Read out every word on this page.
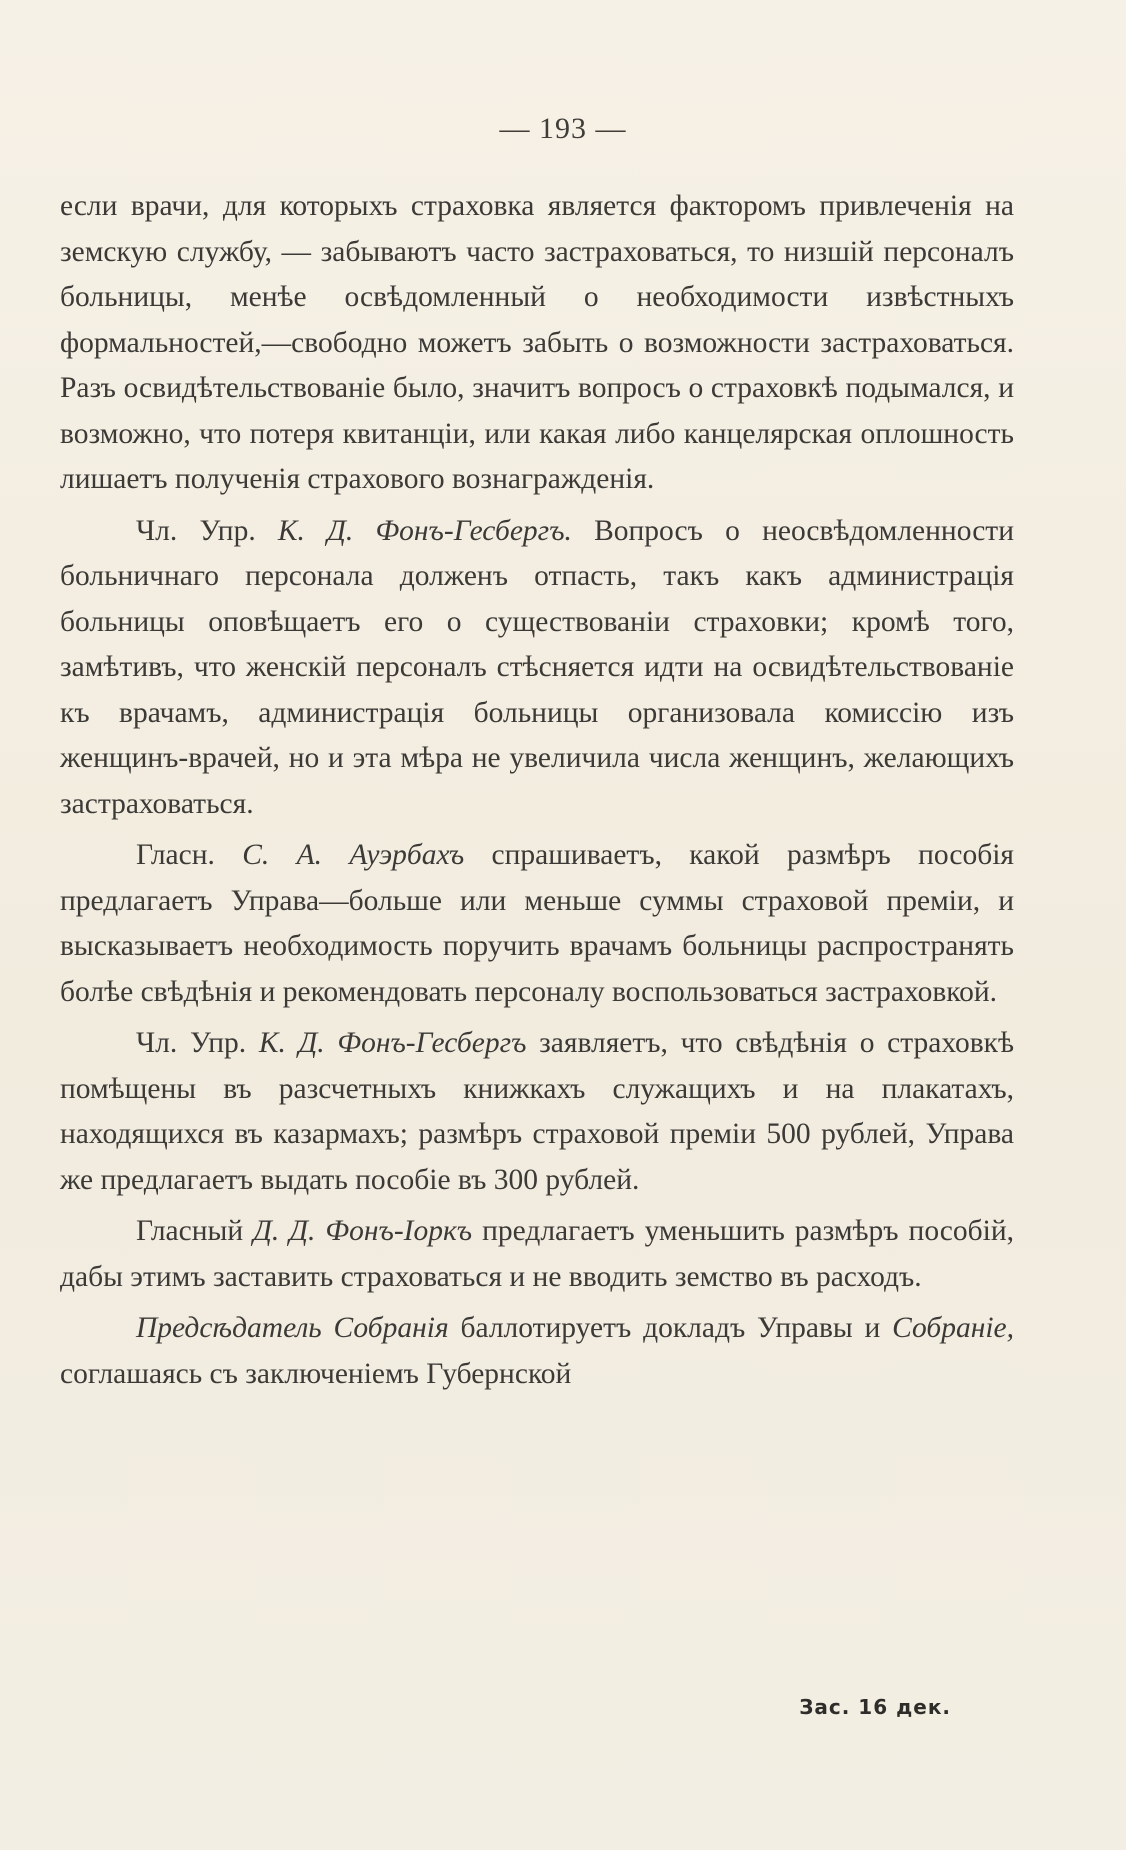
— 193 —

если врачи, для которыхъ страховка является факторомъ привлеченія на земскую службу, — забываютъ часто застраховаться, то низшій персоналъ больницы, менѣе освѣдомленный о необходимости извѣстныхъ формальностей,—свободно можетъ забыть о возможности застраховаться. Разъ освидѣтельствованіе было, значитъ вопросъ о страховкѣ подымался, и возможно, что потеря квитанціи, или какая либо канцелярская оплошность лишаетъ полученія страхового вознагражденія.

Чл. Упр. К. Д. Фонъ-Гесбергъ. Вопросъ о неосвѣдомленности больничнаго персонала долженъ отпасть, такъ какъ администрація больницы оповѣщаетъ его о существованіи страховки; кромѣ того, замѣтивъ, что женскій персоналъ стѣсняется идти на освидѣтельствованіе къ врачамъ, администрація больницы организовала комиссію изъ женщинъ-врачей, но и эта мѣра не увеличила числа женщинъ, желающихъ застраховаться.

Гласн. С. А. Ауэрбахъ спрашиваетъ, какой размѣръ пособія предлагаетъ Управа—больше или меньше суммы страховой преміи, и высказываетъ необходимость поручить врачамъ больницы распространять болѣе свѣдѣнія и рекомендовать персоналу воспользоваться застраховкой.

Чл. Упр. К. Д. Фонъ-Гесбергъ заявляетъ, что свѣдѣнія о страховкѣ помѣщены въ разсчетныхъ книжкахъ служащихъ и на плакатахъ, находящихся въ казармахъ; размѣръ страховой преміи 500 рублей, Управа же предлагаетъ выдать пособіе въ 300 рублей.

Гласный Д. Д. Фонъ-Іоркъ предлагаетъ уменьшить размѣръ пособій, дабы этимъ заставить страховаться и не вводить земство въ расходъ.

Предсѣдатель Собранія баллотируетъ докладъ Управы и Собраніе, соглашаясь съ заключеніемъ Губернской

Зас. 16 дек.
